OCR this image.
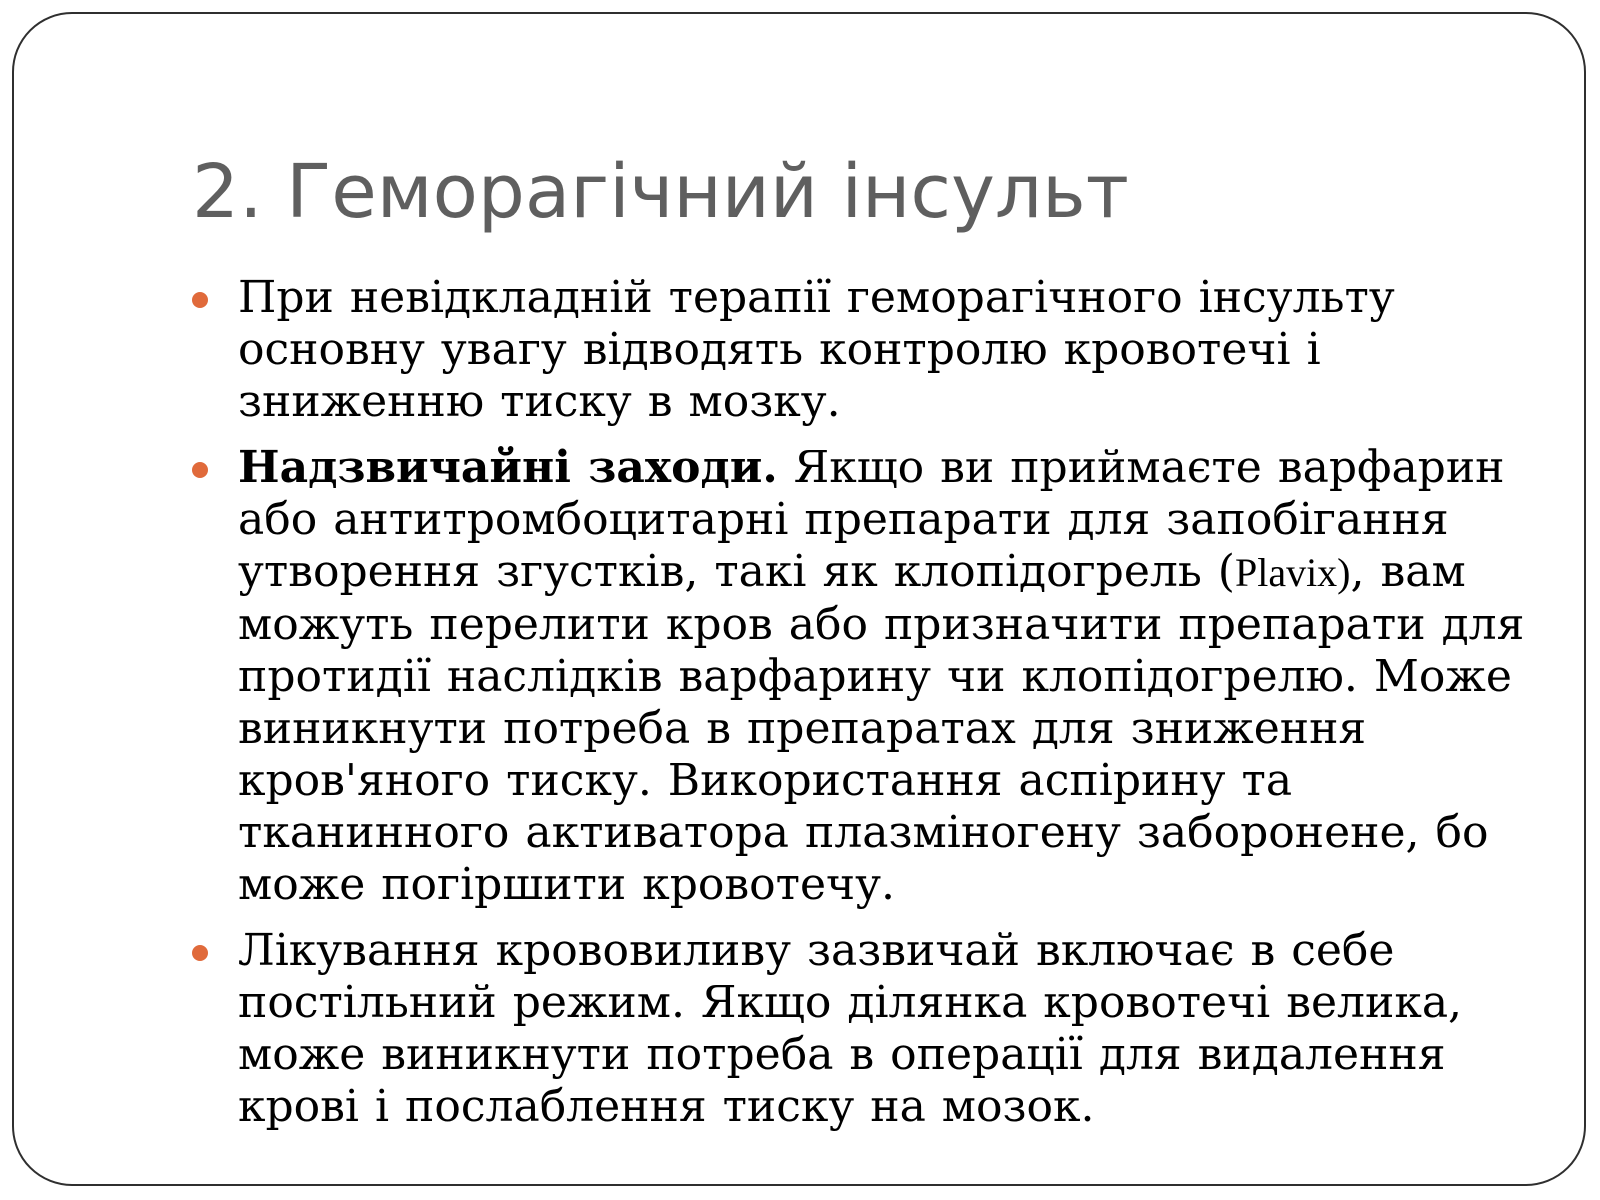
2. Геморагічний інсульт
При невідкладній терапії геморагічного інсульту основну увагу відводять контролю кровотечі і зниженню тиску в мозку.
Надзвичайні заходи. Якщо ви приймаєте варфарин або антитромбоцитарні препарати для запобігання утворення згустків, такі як клопідогрель (Plavix), вам можуть перелити кров або призначити препарати для протидії наслідків варфарину чи клопідогрелю. Може виникнути потреба в препаратах для зниження кров'яного тиску. Використання аспірину та тканинного активатора плазміногену заборонене, бо може погіршити кровотечу.
Лікування крововиливу зазвичай включає в себе постільний режим. Якщо ділянка кровотечі велика, може виникнути потреба в операції для видалення крові і послаблення тиску на мозок.
